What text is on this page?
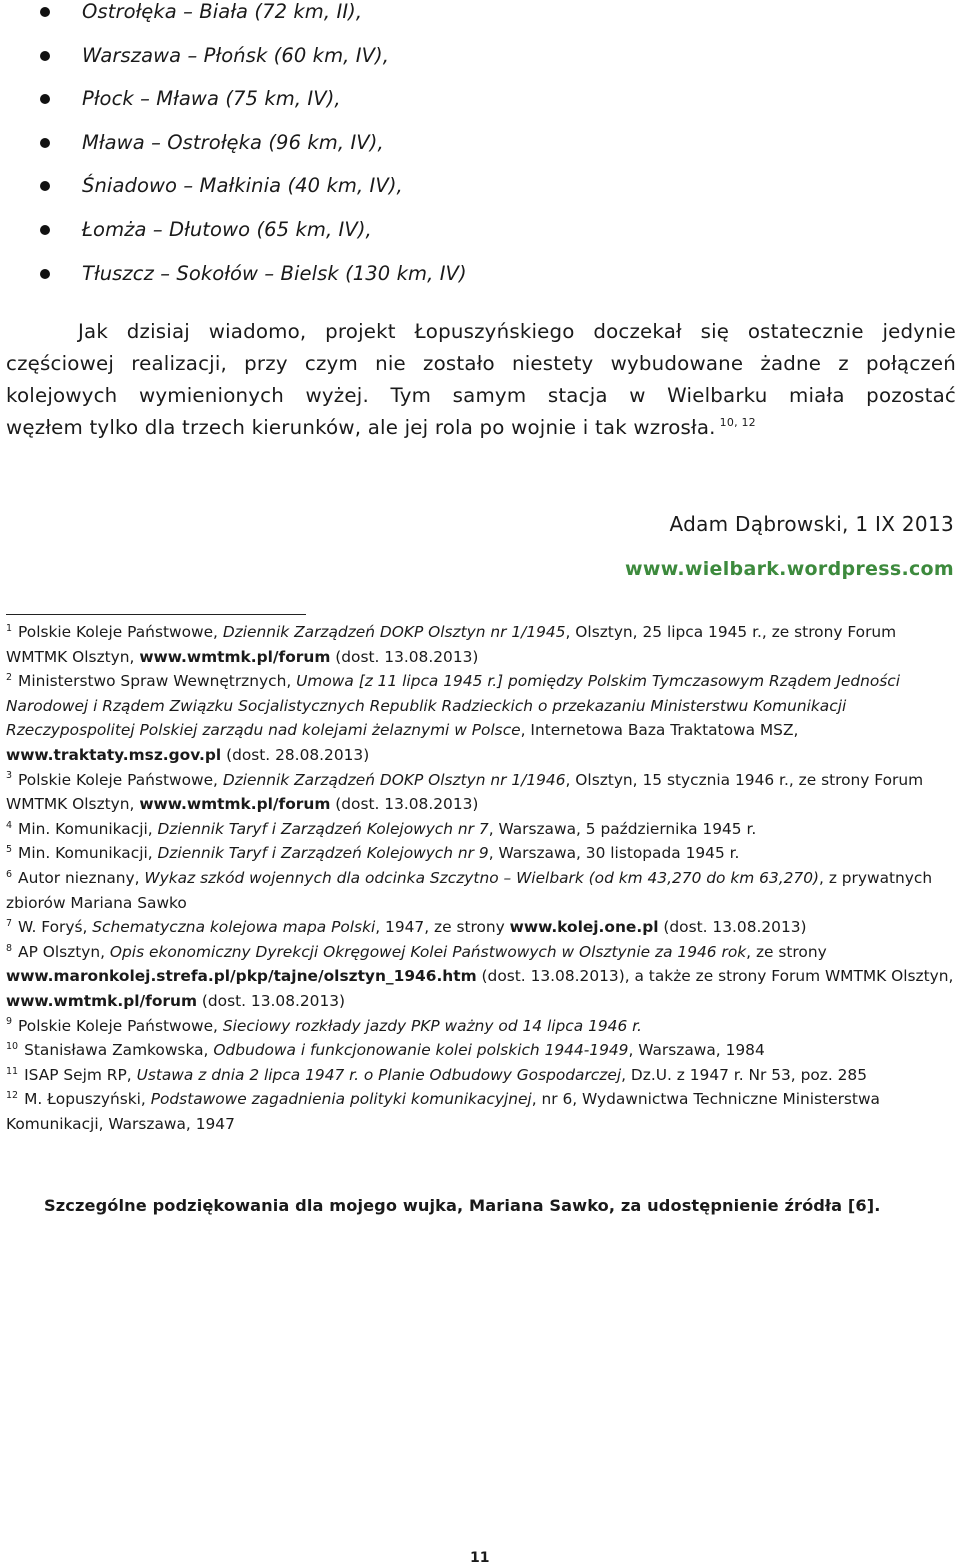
Ostrołęka – Biała (72 km, II),
Warszawa – Płońsk (60 km, IV),
Płock – Mława (75 km, IV),
Mława – Ostrołęka (96 km, IV),
Śniadowo – Małkinia (40 km, IV),
Łomża – Dłutowo (65 km, IV),
Tłuszcz – Sokołów – Bielsk (130 km, IV)
Jak dzisiaj wiadomo, projekt Łopuszyńskiego doczekał się ostatecznie jedynie
częściowej realizacji, przy czym nie zostało niestety wybudowane żadne z połączeń
kolejowych wymienionych wyżej. Tym samym stacja w Wielbarku miała pozostać
węzłem tylko dla trzech kierunków, ale jej rola po wojnie i tak wzrosła. $^{10, 12}$
Adam Dąbrowski, 1 IX 2013
www.wielbark.wordpress.com

$^1$ Polskie Koleje Państwowe, Dziennik Zarządzeń DOKP Olsztyn nr 1/1945, Olsztyn, 25 lipca 1945 r., ze strony Forum WMTMK Olsztyn, www.wmtmk.pl/forum (dost. 13.08.2013)

$^2$ Ministerstwo Spraw Wewnętrznych, Umowa [z 11 lipca 1945 r.] pomiędzy Polskim Tymczasowym Rządem Jedności Narodowej i Rządem Związku Socjalistycznych Republik Radzieckich o przekazaniu Ministerstwu Komunikacji Rzeczypospolitej Polskiej zarządu nad kolejami żelaznymi w Polsce, Internetowa Baza Traktatowa MSZ, www.traktaty.msz.gov.pl (dost. 28.08.2013)

$^3$ Polskie Koleje Państwowe, Dziennik Zarządzeń DOKP Olsztyn nr 1/1946, Olsztyn, 15 stycznia 1946 r., ze strony Forum WMTMK Olsztyn, www.wmtmk.pl/forum (dost. 13.08.2013)

$^4$ Min. Komunikacji, Dziennik Taryf i Zarządzeń Kolejowych nr 7, Warszawa, 5 października 1945 r.

$^5$ Min. Komunikacji, Dziennik Taryf i Zarządzeń Kolejowych nr 9, Warszawa, 30 listopada 1945 r.

$^6$ Autor nieznany, Wykaz szkód wojennych dla odcinka Szczytno – Wielbark (od km 43,270 do km 63,270), z prywatnych zbiorów Mariana Sawko

$^7$ W. Foryś, Schematyczna kolejowa mapa Polski, 1947, ze strony www.kolej.one.pl (dost. 13.08.2013)

$^8$ AP Olsztyn, Opis ekonomiczny Dyrekcji Okręgowej Kolei Państwowych w Olsztynie za 1946 rok, ze strony www.maronkolej.strefa.pl/pkp/tajne/olsztyn_1946.htm (dost. 13.08.2013), a także ze strony Forum WMTMK Olsztyn, www.wmtmk.pl/forum (dost. 13.08.2013)

$^9$ Polskie Koleje Państwowe, Sieciowy rozkłady jazdy PKP ważny od 14 lipca 1946 r.

$^{10}$ Stanisława Zamkowska, Odbudowa i funkcjonowanie kolei polskich 1944-1949, Warszawa, 1984

$^{11}$ ISAP Sejm RP, Ustawa z dnia 2 lipca 1947 r. o Planie Odbudowy Gospodarczej, Dz.U. z 1947 r. Nr 53, poz. 285

$^{12}$ M. Łopuszyński, Podstawowe zagadnienia polityki komunikacyjnej, nr 6, Wydawnictwa Techniczne Ministerstwa Komunikacji, Warszawa, 1947

Szczególne podziękowania dla mojego wujka, Mariana Sawko, za udostępnienie źródła [6].
11
